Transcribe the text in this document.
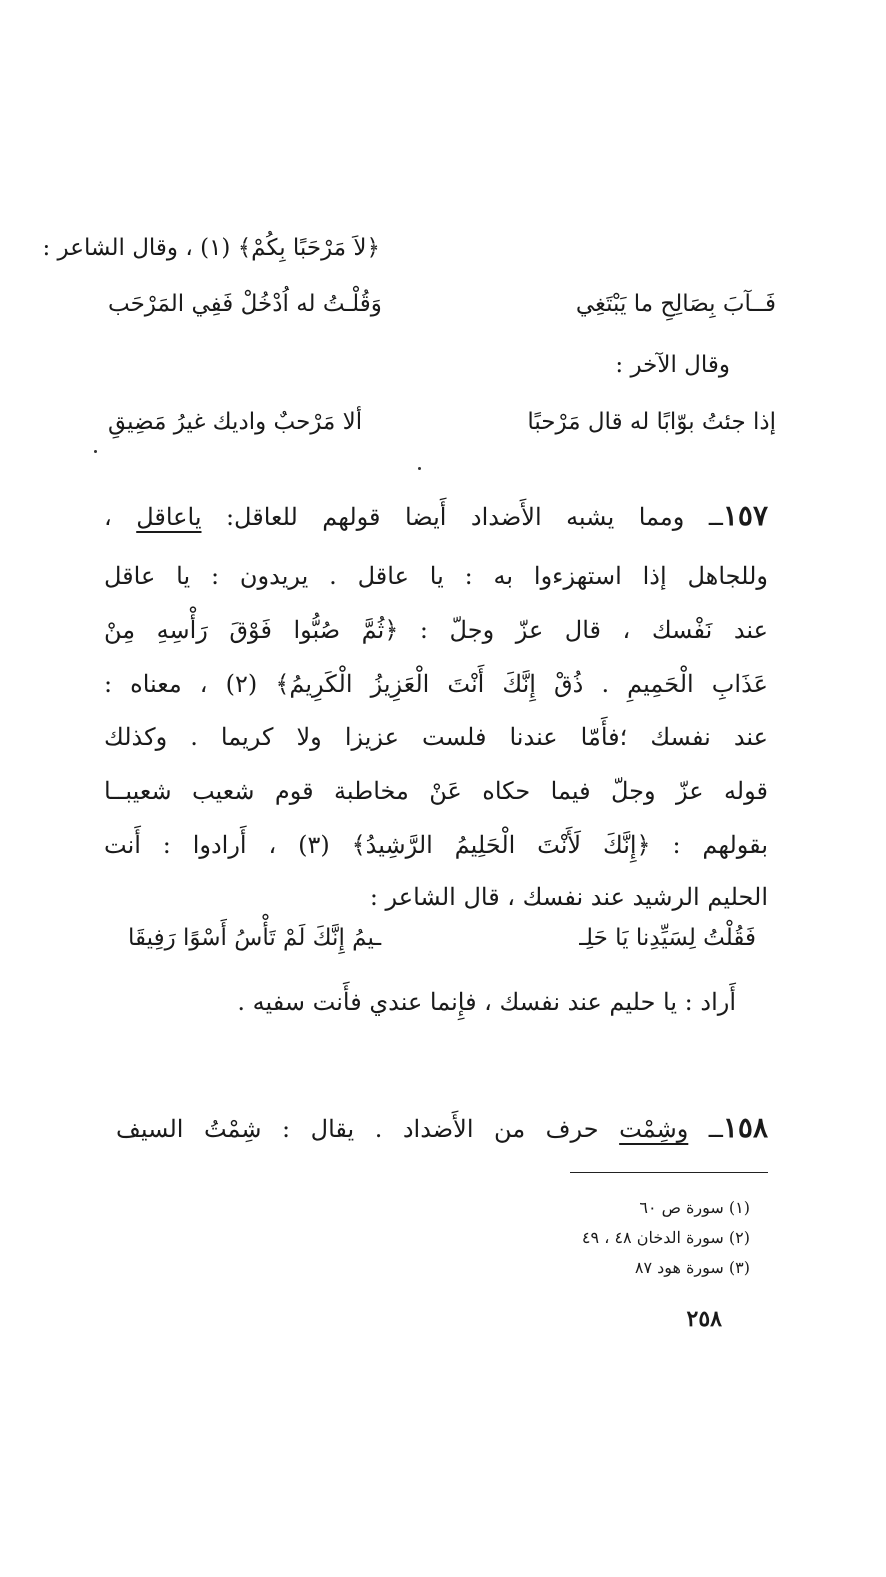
﴿لاَ مَرْحَبًا بِكُمْ﴾ (١) ، وقال الشاعر :
فَــآبَ بِصَالِحِ ما يَبْتَغِي
وَقُلْـتُ له اُدْخُلْ فَفِي المَرْحَب
وقال الآخر :
إذا جئتُ بوّابًا له قال مَرْحبًا
ألا مَرْحبٌ واديك غيرُ مَضِيقِ
١٥٧ــ ومما يشبه الأَضداد أَيضا قولهم للعاقل: ياعاقل ،
وللجاهل إذا استهزءوا به : يا عاقل . يريدون : يا عاقل
عند نَفْسك ، قال عزّ وجلّ : ﴿ثُمَّ صُبُّوا فَوْقَ رَأْسِهِ مِنْ
عَذَابِ الْحَمِيمِ . ذُقْ إِنَّكَ أَنْتَ الْعَزِيزُ الْكَرِيمُ﴾ (٢) ، معناه :
عند نفسك ؛فأَمّا عندنا فلست عزيزا ولا كريما . وكذلك
قوله عزّ وجلّ فيما حكاه عَنْ مخاطبة قوم شعيب شعيبــا
بقولهم : ﴿إِنَّكَ لَأَنْتَ الْحَلِيمُ الرَّشِيدُ﴾ (٣) ، أَرادوا : أَنت
الحليم الرشيد عند نفسك ، قال الشاعر :
فَقُلْتُ لِسَيِّدِنا يَا حَلِـ
ـيمُ إِنَّكَ لَمْ تَأْسُ أَسْوًا رَفِيقَا
أَراد : يا حليم عند نفسك ، فإِنما عندي فأَنت سفيه .
١٥٨ــ وشِمْت حرف من الأَضداد . يقال : شِمْتُ السيف
(١) سورة ص ٦٠
(٢) سورة الدخان ٤٨ ، ٤٩
(٣) سورة هود ٨٧
٢٥٨
